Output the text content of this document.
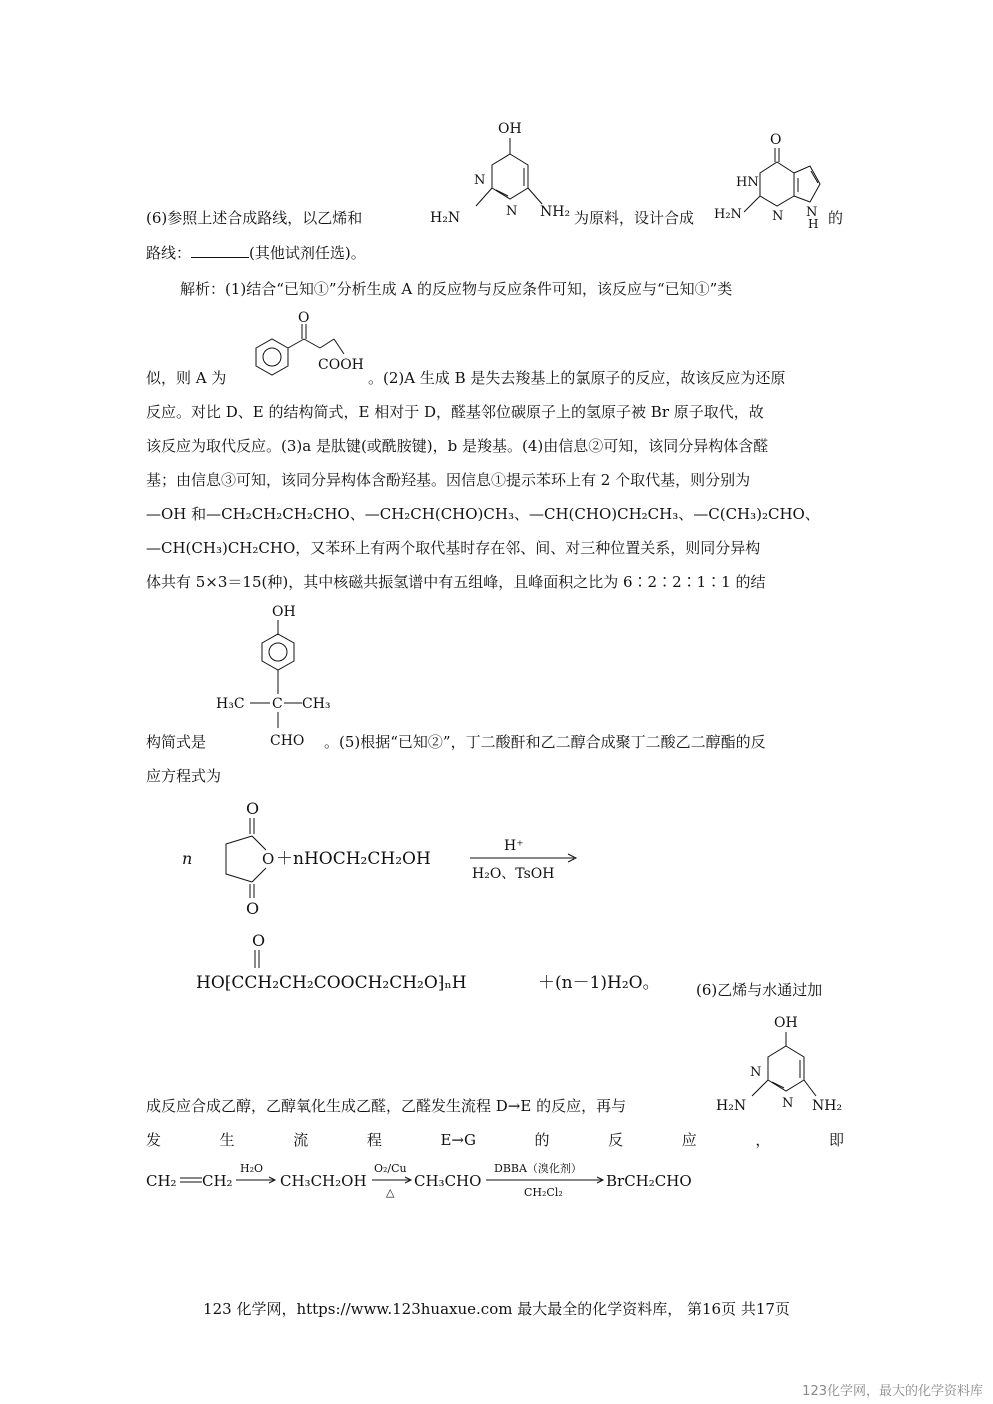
(6)参照上述合成路线，以乙烯和
OH
N
N
H₂N	NH₂ 为原料，设计合成
O
HN
N
H₂N	N
H 的
路线：	(其他试剂任选)。
解析：(1)结合“已知①”分析生成 A 的反应物与反应条件可知，该反应与“已知①”类
似，则 A 为
O
COOH
。(2)A 生成 B 是失去羧基上的氯原子的反应，故该反应为还原
反应。对比 D、E 的结构简式，E 相对于 D，醛基邻位碳原子上的氢原子被 Br 原子取代，故
该反应为取代反应。(3)a 是肽键(或酰胺键)，b 是羧基。(4)由信息②可知，该同分异构体含醛
基；由信息③可知，该同分异构体含酚羟基。因信息①提示苯环上有 2 个取代基，则分别为
—OH 和—CH₂CH₂CH₂CHO、—CH₂CH(CHO)CH₃、—CH(CHO)CH₂CH₃、—C(CH₃)₂CHO、
—CH(CH₃)CH₂CHO，又苯环上有两个取代基时存在邻、间、对三种位置关系，则同分异构
体共有 5×3＝15(种)，其中核磁共振氢谱中有五组峰，且峰面积之比为 6∶2∶2∶1∶1 的结
OH
H₃C C CH₃
CHO
构简式是	。(5)根据“已知②”，丁二酸酐和乙二醇合成聚丁二酸乙二醇酯的反
应方程式为
n
O
O
O
＋nHOCH₂CH₂OH
H⁺
H₂O、TsOH
O
HO⁅CCH₂CH₂COOCH₂CH₂O⁆ₙH	＋(n－1)H₂O。 (6)乙烯与水通过加
OH
N
N
H₂N	NH₂
成反应合成乙醇，乙醇氧化生成乙醛，乙醛发生流程 D→E 的反应，再与
发	生	流	程	E→G	的	反	应	，	即
CH₂ CH₂
H₂O
CH₃CH₂OH
O₂/Cu
△
CH₃CHO
DBBA（溴化剂）
CH₂Cl₂
BrCH₂CHO
123 化学网，https://www.123huaxue.com 最大最全的化学资料库， 第16页 共17页
123化学网，最大的化学资料库
